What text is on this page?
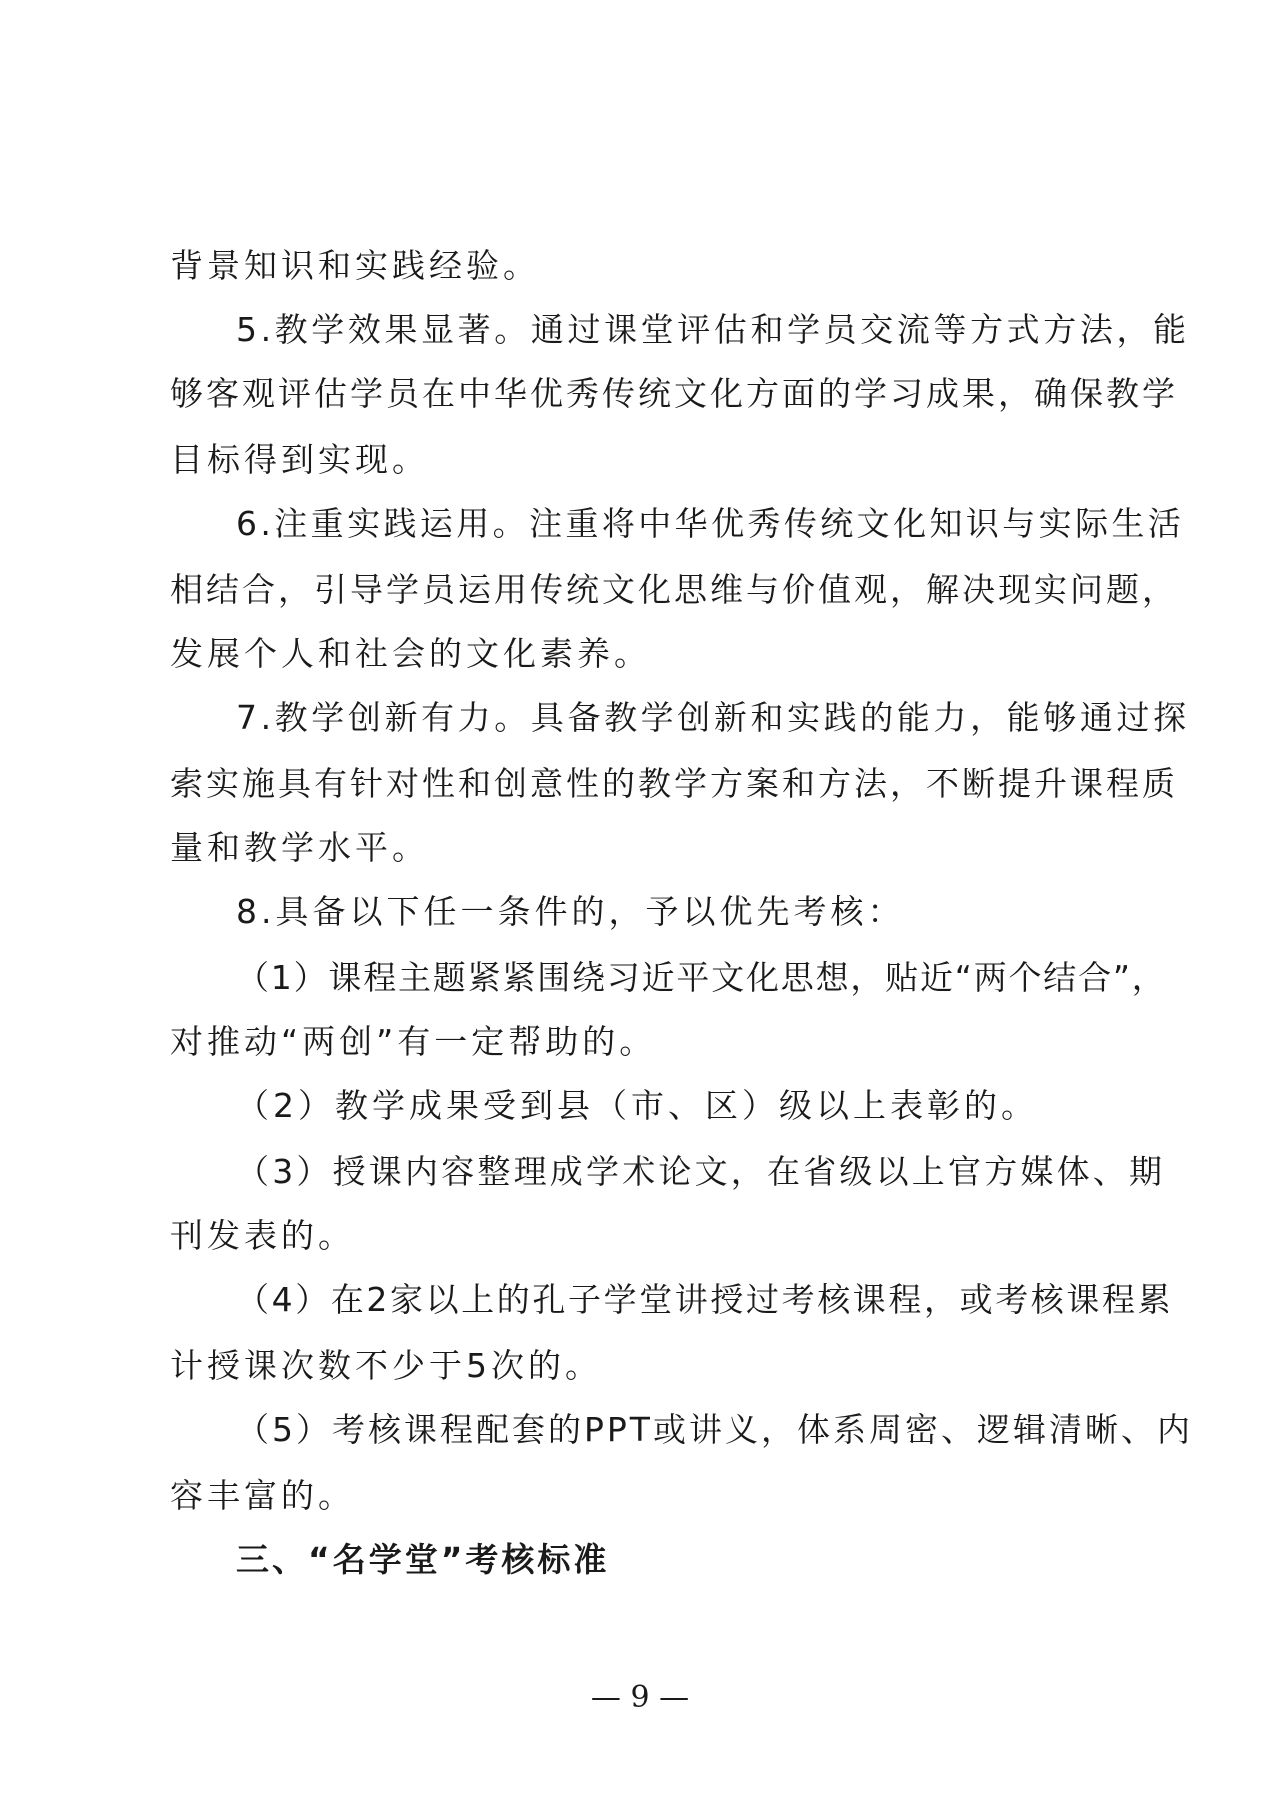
背景知识和实践经验。
5.教学效果显著。通过课堂评估和学员交流等方式方法，能
够客观评估学员在中华优秀传统文化方面的学习成果，确保教学
目标得到实现。
6.注重实践运用。注重将中华优秀传统文化知识与实际生活
相结合，引导学员运用传统文化思维与价值观，解决现实问题，
发展个人和社会的文化素养。
7.教学创新有力。具备教学创新和实践的能力，能够通过探
索实施具有针对性和创意性的教学方案和方法，不断提升课程质
量和教学水平。
8.具备以下任一条件的，予以优先考核：
（1）课程主题紧紧围绕习近平文化思想，贴近“两个结合”，
对推动“两创”有一定帮助的。
（2）教学成果受到县（市、区）级以上表彰的。
（3）授课内容整理成学术论文，在省级以上官方媒体、期
刊发表的。
（4）在2家以上的孔子学堂讲授过考核课程，或考核课程累
计授课次数不少于5次的。
（5）考核课程配套的PPT或讲义，体系周密、逻辑清晰、内
容丰富的。
三、“名学堂”考核标准
— 9 —
